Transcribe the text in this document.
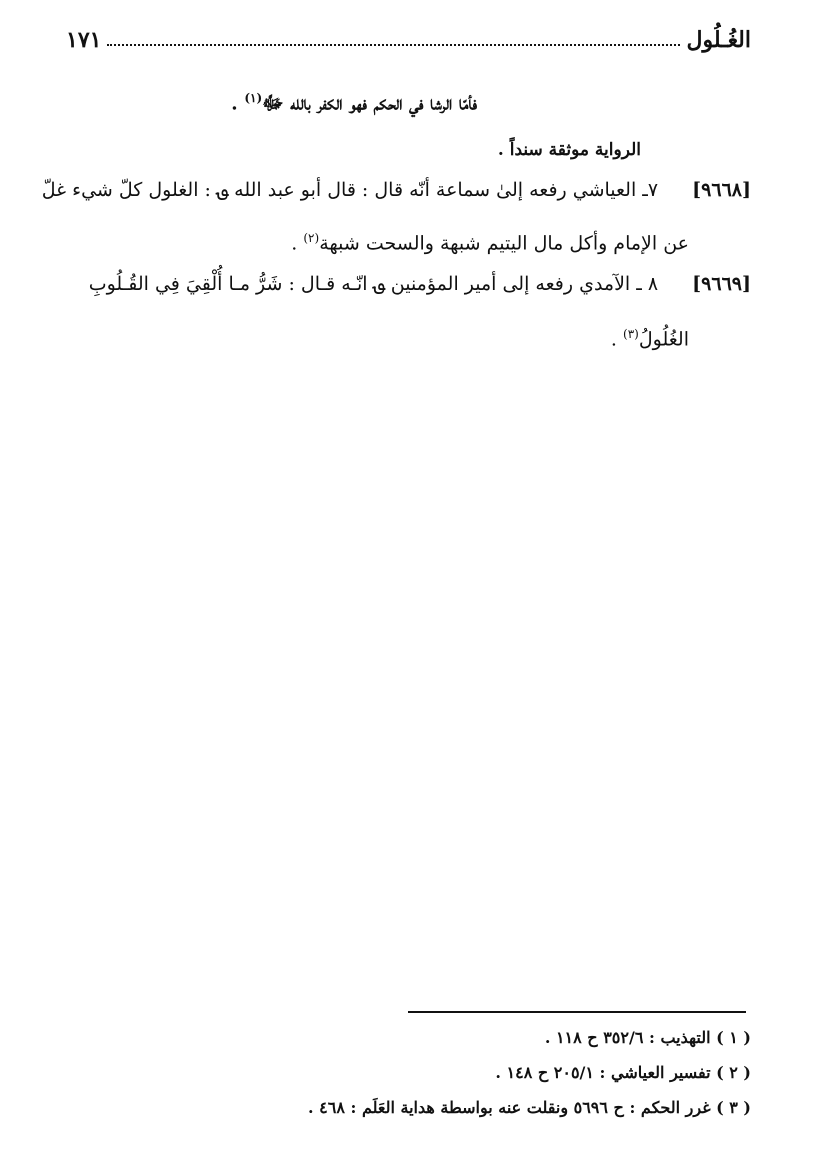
الغُـلُول
١٧١
فأمّا الرشا في الحكم فهو الكفر بالله ﷻ$^{(١)}$ .
الرواية موثقة سنداً .
[٩٦٦٨]  ٧ـ العياشي رفعه إلىٰ سماعة أنّه قال : قال أبو عبد الله ؈ : الغلول كلّ شيء غلّ
عن الإمام وأكل مال اليتيم شبهة والسحت شبهة$^{(٢)}$ .
[٩٦٦٩]  ٨ ـ الآمدي رفعه إلى أمير المؤمنين ؈ انّـه قـال : شَرُّ مـا أُلْقِيَ فِي القُـلُوبِ
الغُلُولُ$^{(٣)}$ .
( ١ ) التهذيب : ٣٥٢/٦ ح ١١٨ .
( ٢ ) تفسير العياشي : ٢٠٥/١ ح ١٤٨ .
( ٣ ) غرر الحكم : ح ٥٦٩٦ ونقلت عنه بواسطة هداية العَلَم : ٤٦٨ .
